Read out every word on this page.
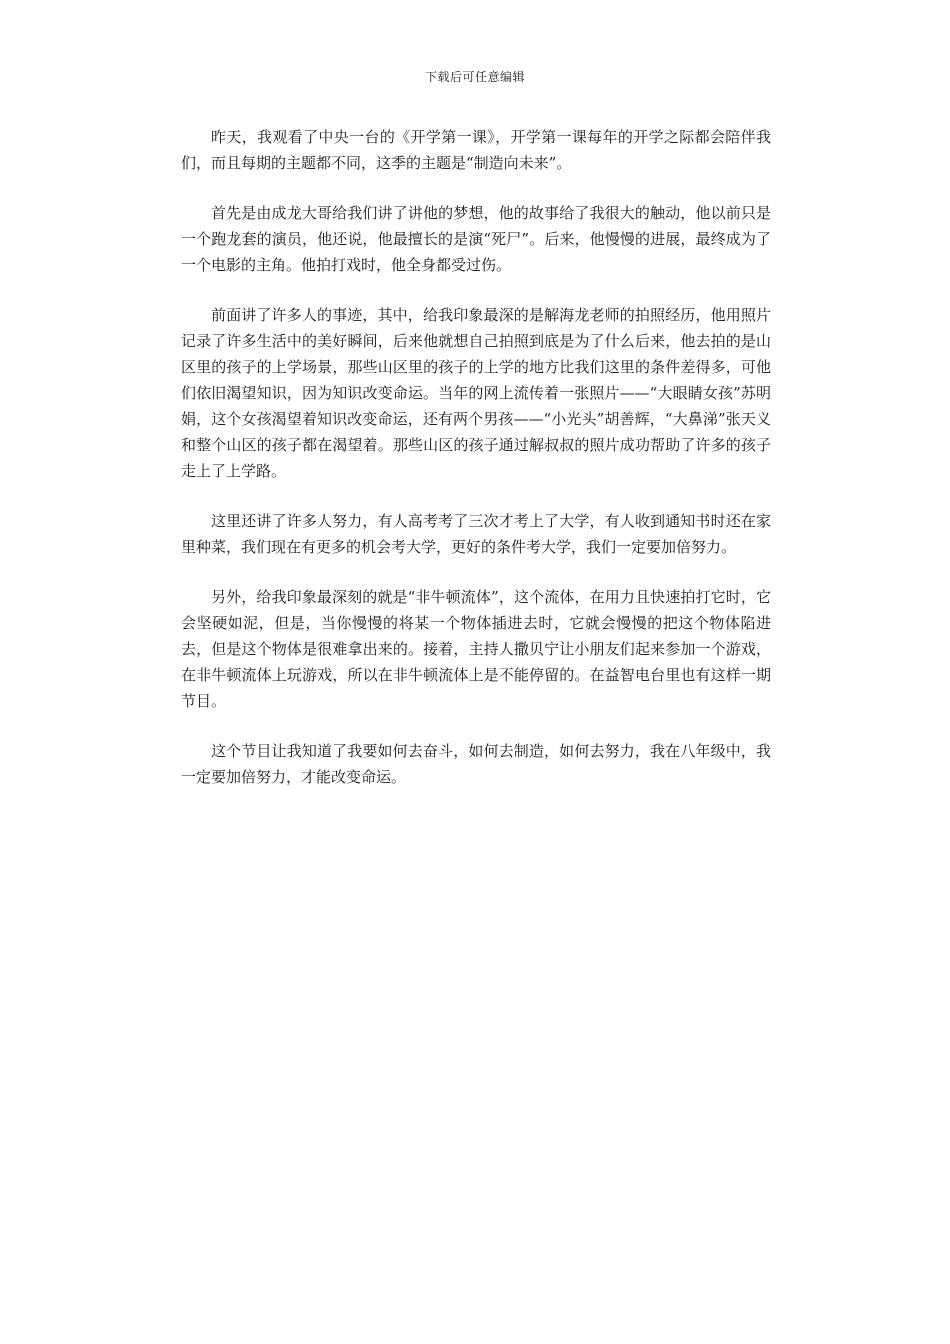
下载后可任意编辑

昨天，我观看了中央一台的《开学第一课》，开学第一课每年的开学之际都会陪伴我们，而且每期的主题都不同，这季的主题是“制造向未来”。

首先是由成龙大哥给我们讲了讲他的梦想，他的故事给了我很大的触动，他以前只是一个跑龙套的演员，他还说，他最擅长的是演“死尸”。后来，他慢慢的进展，最终成为了一个电影的主角。他拍打戏时，他全身都受过伤。

前面讲了许多人的事迹，其中，给我印象最深的是解海龙老师的拍照经历，他用照片记录了许多生活中的美好瞬间，后来他就想自己拍照到底是为了什么后来，他去拍的是山区里的孩子的上学场景，那些山区里的孩子的上学的地方比我们这里的条件差得多，可他们依旧渴望知识，因为知识改变命运。当年的网上流传着一张照片——“大眼睛女孩”苏明娟，这个女孩渴望着知识改变命运，还有两个男孩——“小光头”胡善辉，“大鼻涕”张天义和整个山区的孩子都在渴望着。那些山区的孩子通过解叔叔的照片成功帮助了许多的孩子走上了上学路。

这里还讲了许多人努力，有人高考考了三次才考上了大学，有人收到通知书时还在家里种菜，我们现在有更多的机会考大学，更好的条件考大学，我们一定要加倍努力。

另外，给我印象最深刻的就是“非牛顿流体”，这个流体，在用力且快速拍打它时，它会坚硬如泥，但是，当你慢慢的将某一个物体插进去时，它就会慢慢的把这个物体陷进去，但是这个物体是很难拿出来的。接着，主持人撒贝宁让小朋友们起来参加一个游戏，在非牛顿流体上玩游戏，所以在非牛顿流体上是不能停留的。在益智电台里也有这样一期节目。

这个节目让我知道了我要如何去奋斗，如何去制造，如何去努力，我在八年级中，我一定要加倍努力，才能改变命运。
